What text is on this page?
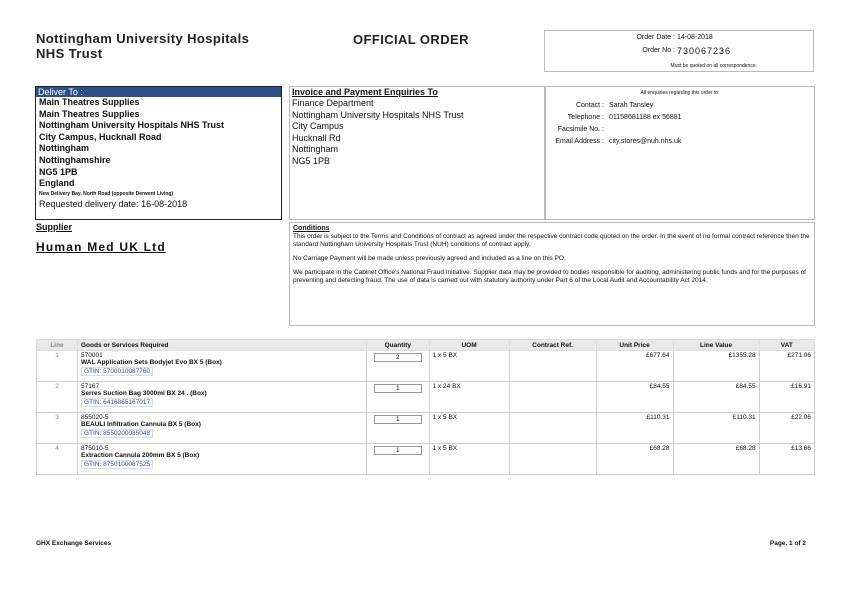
Nottingham University Hospitals
NHS Trust
OFFICIAL ORDER	Order Date : 14-08-2018
Order No : 730067236
Must be quoted on all correspondence.
Deliver To :
Main Theatres Supplies
Main Theatres Supplies
Nottingham University Hospitals NHS Trust
City Campus, Hucknall Road
Nottingham
Nottinghamshire
NG5 1PB
England
New Delivery Bay, North Road (opposite Derwent Living)
Requested delivery date: 16-08-2018
Invoice and Payment Enquiries To
Finance Department
Nottingham University Hospitals NHS Trust
City Campus
Hucknall Rd
Nottingham
NG5 1PB
All enquiries regarding this order to:
Contact : Sarah Tansley
Telephone : 01158681188 ex 56881
Facsimile No. :
Email Address : city.stores@nuh.nhs.uk
Supplier
Human Med UK Ltd
Conditions

This order is subject to the Terms and Conditions of contract as agreed under the respective contract code quoted on the order. In the event of no formal contract reference then the standard Nottingham University Hospitals Trust (NUH) conditions of contract apply.

No Carriage Payment will be made unless previously agreed and included as a line on this PO.

We participate in the Cabinet Office's National Fraud Initiative. Supplier data may be provided to bodies responsible for auditing, administering public funds and for the purposes of preventing and detecting fraud. The use of data is carried out with statutory authority under Part 6 of the Local Audit and Accountability Act 2014.

Line	Goods or Services Required	Quantity	UOM	Contract Ref.	Unit Price	Line Value	VAT
1	570001
WAL Application Sets Bodyjet Evo BX 5 (Box)
GTIN: 5700010087760	2	1 x 5 BX		£677.64	£1355.28	£271.06
2	57167
Serres Suction Bag 3000ml BX 24 . (Box)
GTIN: 6416865167017	1	1 x 24 BX		£84.55	£84.55	£16.91
3	855020-5
BEAULI Infiltration Cannula BX 5 (Box)
GTIN: 8550200085048	1	1 x 5 BX		£110.31	£110.31	£22.06
4	875010-5
Extraction Cannula 200mm BX 5 (Box)
GTIN: 8750100087525	1	1 x 5 BX		£68.28	£68.28	£13.66
GHX Exchange Services	Page. 1 of 2
